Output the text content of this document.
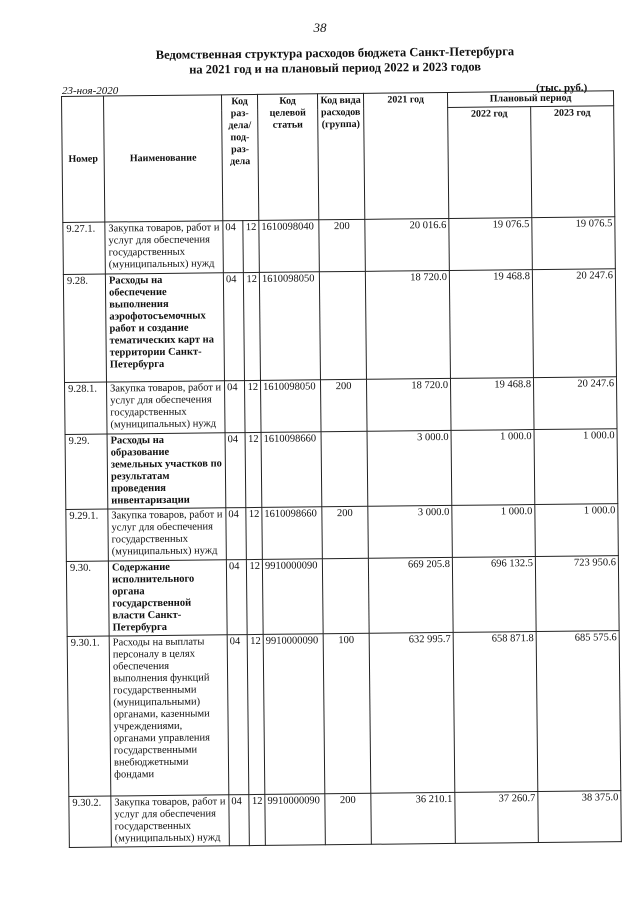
38
Ведомственная структура расходов бюджета Санкт-Петербурга
на 2021 год и на плановый период 2022 и 2023 годов
23-ноя-2020	(тыс. руб.)
Номер	Наименование	Код раз-дела/ под-раз-дела		Код целевой статьи	Код вида расходов (группа)	2021 год	Плановый период	
							2022 год	2023 год
9.27.1.	Закупка товаров, работ и услуг для обеспечения государственных (муниципальных) нужд	04	12	1610098040	200	20 016.6	19 076.5	19 076.5
9.28.	Расходы на обеспечение выполнения аэрофотосъемочных работ и создание тематических карт на территории Санкт-Петербурга	04	12	1610098050		18 720.0	19 468.8	20 247.6
9.28.1.	Закупка товаров, работ и услуг для обеспечения государственных (муниципальных) нужд	04	12	1610098050	200	18 720.0	19 468.8	20 247.6
9.29.	Расходы на образование земельных участков по результатам проведения инвентаризации	04	12	1610098660		3 000.0	1 000.0	1 000.0
9.29.1.	Закупка товаров, работ и услуг для обеспечения государственных (муниципальных) нужд	04	12	1610098660	200	3 000.0	1 000.0	1 000.0
9.30.	Содержание исполнительного органа государственной власти Санкт-Петербурга	04	12	9910000090		669 205.8	696 132.5	723 950.6
9.30.1.	Расходы на выплаты персоналу в целях обеспечения выполнения функций государственными (муниципальными) органами, казенными учреждениями, органами управления государственными внебюджетными фондами	04	12	9910000090	100	632 995.7	658 871.8	685 575.6
9.30.2.	Закупка товаров, работ и услуг для обеспечения государственных (муниципальных) нужд	04	12	9910000090	200	36 210.1	37 260.7	38 375.0
